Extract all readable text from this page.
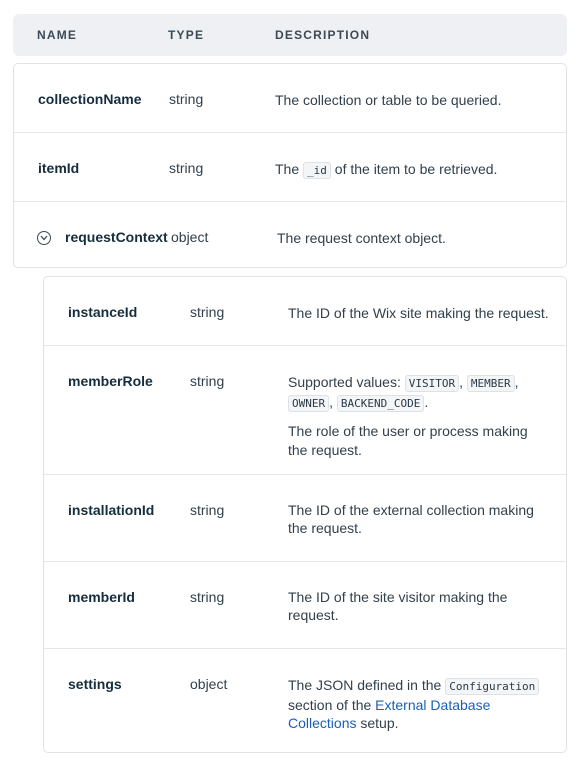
NAME	TYPE	DESCRIPTION
collectionName string	The collection or table to be queried.
itemId	string	The _id of the item to be retrieved.
requestContext object	The request context object.
instanceId	string	The ID of the Wix site making the request.
memberRole	string	Supported values: VISITOR , MEMBER , OWNER , BACKEND_CODE .
The role of the user or process making the request.
installationId	string	The ID of the external collection making the request.
memberId	string	The ID of the site visitor making the request.
settings	object	The JSON defined in the Configuration section of the External Database Collections setup.
